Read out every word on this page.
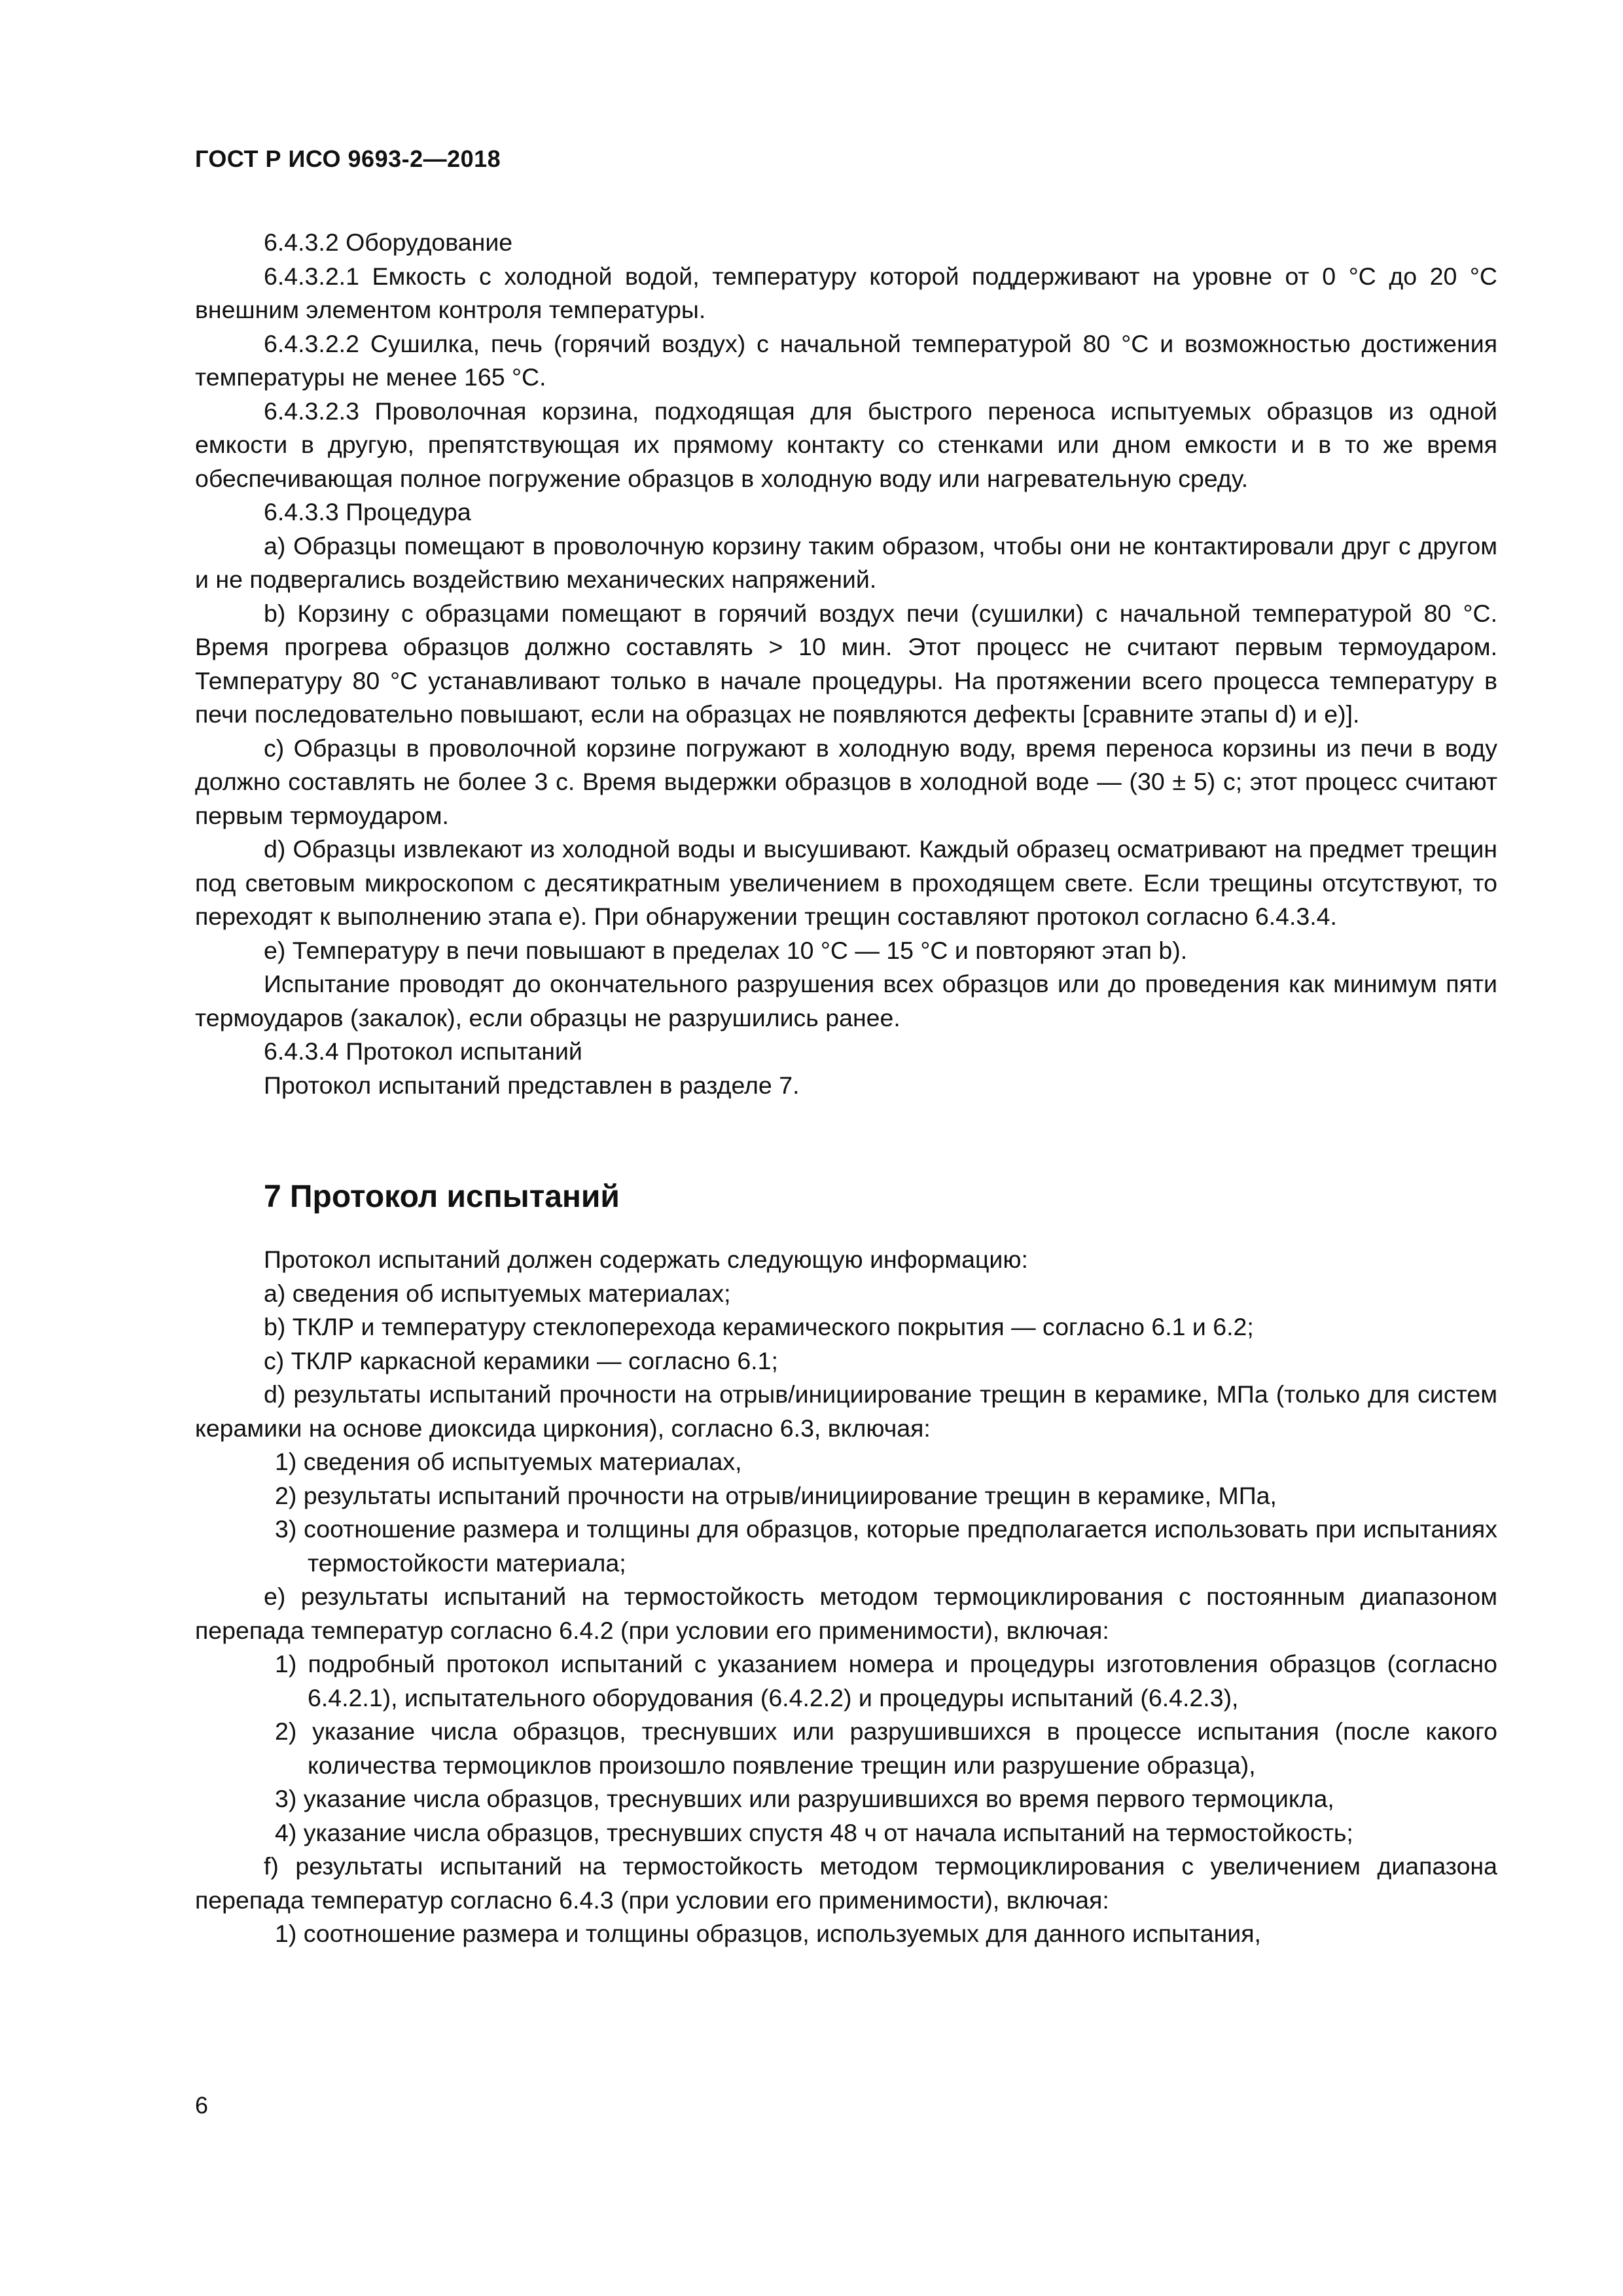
ГОСТ Р ИСО 9693-2—2018

6.4.3.2 Оборудование

6.4.3.2.1 Емкость с холодной водой, температуру которой поддерживают на уровне от 0 °С до 20 °С внешним элементом контроля температуры.

6.4.3.2.2 Сушилка, печь (горячий воздух) с начальной температурой 80 °С и возможностью достижения температуры не менее 165 °С.

6.4.3.2.3 Проволочная корзина, подходящая для быстрого переноса испытуемых образцов из одной емкости в другую, препятствующая их прямому контакту со стенками или дном емкости и в то же время обеспечивающая полное погружение образцов в холодную воду или нагревательную среду.

6.4.3.3 Процедура

a) Образцы помещают в проволочную корзину таким образом, чтобы они не контактировали друг с другом и не подвергались воздействию механических напряжений.

b) Корзину с образцами помещают в горячий воздух печи (сушилки) с начальной температурой 80 °С. Время прогрева образцов должно составлять > 10 мин. Этот процесс не считают первым термоударом. Температуру 80 °С устанавливают только в начале процедуры. На протяжении всего процесса температуру в печи последовательно повышают, если на образцах не появляются дефекты [сравните этапы d) и e)].

c) Образцы в проволочной корзине погружают в холодную воду, время переноса корзины из печи в воду должно составлять не более 3 с. Время выдержки образцов в холодной воде — (30 ± 5) с; этот процесс считают первым термоударом.

d) Образцы извлекают из холодной воды и высушивают. Каждый образец осматривают на предмет трещин под световым микроскопом с десятикратным увеличением в проходящем свете. Если трещины отсутствуют, то переходят к выполнению этапа e). При обнаружении трещин составляют протокол согласно 6.4.3.4.

e) Температуру в печи повышают в пределах 10 °С — 15 °С и повторяют этап b).

Испытание проводят до окончательного разрушения всех образцов или до проведения как минимум пяти термоударов (закалок), если образцы не разрушились ранее.

6.4.3.4 Протокол испытаний

Протокол испытаний представлен в разделе 7.

7 Протокол испытаний

Протокол испытаний должен содержать следующую информацию:

a) сведения об испытуемых материалах;

b) ТКЛР и температуру стеклоперехода керамического покрытия — согласно 6.1 и 6.2;

c) ТКЛР каркасной керамики — согласно 6.1;

d) результаты испытаний прочности на отрыв/инициирование трещин в керамике, МПа (только для систем керамики на основе диоксида циркония), согласно 6.3, включая:

1) сведения об испытуемых материалах,

2) результаты испытаний прочности на отрыв/инициирование трещин в керамике, МПа,

3) соотношение размера и толщины для образцов, которые предполагается использовать при испытаниях термостойкости материала;

e) результаты испытаний на термостойкость методом термоциклирования с постоянным диапазоном перепада температур согласно 6.4.2 (при условии его применимости), включая:

1) подробный протокол испытаний с указанием номера и процедуры изготовления образцов (согласно 6.4.2.1), испытательного оборудования (6.4.2.2) и процедуры испытаний (6.4.2.3),

2) указание числа образцов, треснувших или разрушившихся в процессе испытания (после какого количества термоциклов произошло появление трещин или разрушение образца),

3) указание числа образцов, треснувших или разрушившихся во время первого термоцикла,

4) указание числа образцов, треснувших спустя 48 ч от начала испытаний на термостойкость;

f) результаты испытаний на термостойкость методом термоциклирования с увеличением диапазона перепада температур согласно 6.4.3 (при условии его применимости), включая:

1) соотношение размера и толщины образцов, используемых для данного испытания,

6
